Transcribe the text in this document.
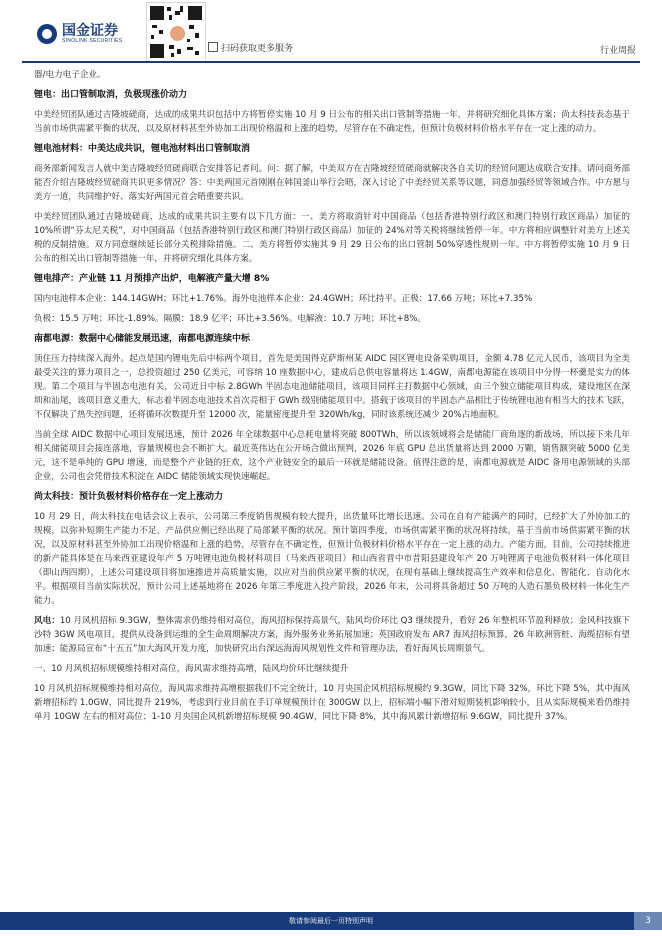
国金证券
SINOLINK SECURITIES
扫码获取更多服务	行业周报

器/电力电子企业。

锂电：出口管制取消，负极现涨价动力

中美经贸团队通过吉隆坡磋商，达成的成果共识包括中方将暂停实施 10 月 9 日公布的相关出口管制等措施一年，并将研究细化具体方案；尚太科技表态基于当前市场供需紧平衡的状况，以及原材料甚至外协加工出现价格温和上涨的趋势，尽管存在不确定性，但预计负极材料价格水平存在一定上涨的动力。

锂电池材料：中美达成共识，锂电池材料出口管制取消

商务部新闻发言人就中美吉隆坡经贸磋商联合安排答记者问。问：据了解，中美双方在吉隆坡经贸磋商就解决各自关切的经贸问题达成联合安排。请问商务部能否介绍吉隆坡经贸磋商共识更多情况？答：中美两国元首刚刚在韩国釜山举行会晤，深入讨论了中美经贸关系等议题，同意加强经贸等领域合作。中方愿与美方一道，共同维护好、落实好两国元首会晤重要共识。

中美经贸团队通过吉隆坡磋商，达成的成果共识主要有以下几方面：一、美方将取消针对中国商品（包括香港特别行政区和澳门特别行政区商品）加征的 10%所谓“芬太尼关税”，对中国商品（包括香港特别行政区和澳门特别行政区商品）加征的 24%对等关税将继续暂停一年。中方将相应调整针对美方上述关税的反制措施。双方同意继续延长部分关税排除措施。二、美方将暂停实施其 9 月 29 日公布的出口管制 50%穿透性规则一年。中方将暂停实施 10 月 9 日公布的相关出口管制等措施一年，并将研究细化具体方案。

锂电排产：产业链 11 月预排产出炉，电解液产量大增 8%

国内电池样本企业：144.14GWH；环比+1.76%。海外电池样本企业：24.4GWH；环比持平。正极：17.66 万吨；环比+7.35%

负极：15.5 万吨；环比-1.89%。隔膜：18.9 亿平；环比+3.56%。电解液：10.7 万吨；环比+8%。

南都电源：数据中心储能发展迅速，南都电源连续中标

顶住压力持续深入海外。起点是国内锂电先后中标两个项目，首先是美国得克萨斯州某 AIDC 园区锂电设备采购项目，金额 4.78 亿元人民币，该项目为全美最受关注的算力项目之一，总投资超过 250 亿美元，可容纳 10 座数据中心，建成后总供电容量将达 1.4GW，南都电源能在该项目中分得一杯羹是实力的体现。第二个项目与半固态电池有关，公司近日中标 2.8GWh 半固态电池储能项目，该项目同样主打数据中心领域，由三个独立储能项目构成，建设地区在深圳和汕尾，该项目意义重大，标志着半固态电池技术首次亮相于 GWh 级别储能项目中。搭载于该项目的半固态产品相比于传统锂电池有相当大的技术飞跃，不仅解决了热失控问题，还将循环次数提升至 12000 次，能量密度提升至 320Wh/kg，同时该系统还减少 20%占地面积。

当前全球 AIDC 数据中心项目发展迅速，预计 2026 年全球数据中心总耗电量将突破 800TWh，所以该领域将会是储能厂商角逐的新战场，所以接下来几年相关储能项目会接连落地，容量规模也会不断扩大。最近英伟达在公开场合做出预判，2026 年底 GPU 总出货量将达到 2000 万颗，销售额突破 5000 亿美元，这不是单纯的 GPU 增速，而是整个产业链的狂欢，这个产业链安全的最后一环就是储能设备。值得注意的是，南都电源就是 AIDC 备用电源领域的头部企业，公司也会凭借技术积淀在 AIDC 储能领域实现快速崛起。

尚太科技：预计负极材料价格存在一定上涨动力

10 月 29 日，尚太科技在电话会议上表示，公司第三季度销售规模有较大提升，出货量环比增长迅速。公司在自有产能满产的同时，已经扩大了外协加工的规模，以弥补短期生产能力不足，产品供应侧已经出现了局部紧平衡的状况。预计第四季度，市场供需紧平衡的状况将持续。基于当前市场供需紧平衡的状况，以及原材料甚至外协加工出现价格温和上涨的趋势，尽管存在不确定性，但预计负极材料价格水平存在一定上涨的动力。产能方面，目前，公司持续推进的新产能具体是在马来西亚建设年产 5 万吨锂电池负极材料项目（马来西亚项目）和山西省晋中市昔阳县建设年产 20 万吨锂离子电池负极材料一体化项目（即山西四期），上述公司建设项目将加速推进并高质量实施，以应对当前供应紧平衡的状况，在现有基础上继续提高生产效率和信息化、智能化、自动化水平。根据项目当前实际状况，预计公司上述基地将在 2026 年第三季度进入投产阶段，2026 年末，公司将具备超过 50 万吨的人造石墨负极材料一体化生产能力。

风电：10 月风机招标 9.3GW，整体需求仍维持相对高位，海风招标保持高景气，陆风均价环比 Q3 继续提升，看好 26 年整机环节盈利释放；金风科技旗下沙特 3GW 风电项目，提供从设备到运维的全生命周期解决方案，海外服务业务拓展加速；英国政府发布 AR7 海风招标预算，26 年欧洲管桩、海缆招标有望加速；能源局宣布“十五五”加大海风开发力度，加快研究出台深远海海风规划性文件和管理办法，看好海风长周期景气。

一、10 月风机招标规模维持相对高位，海风需求维持高增，陆风均价环比继续提升

10 月风机招标规模维持相对高位，海风需求维持高增根据我们不完全统计，10 月央国企风机招标规模约 9.3GW，同比下降 32%，环比下降 5%，其中海风新增招标约 1.0GW，同比提升 219%，考虑到行业目前在手订单规模预计在 300GW 以上，招标端小幅下滑对短期装机影响较小，且从实际规模来看仍维持单月 10GW 左右的相对高位；1-10 月央国企风机新增招标规模 90.4GW，同比下降 8%，其中海风累计新增招标 9.6GW，同比提升 37%。

敬请参阅最后一页特别声明	3
